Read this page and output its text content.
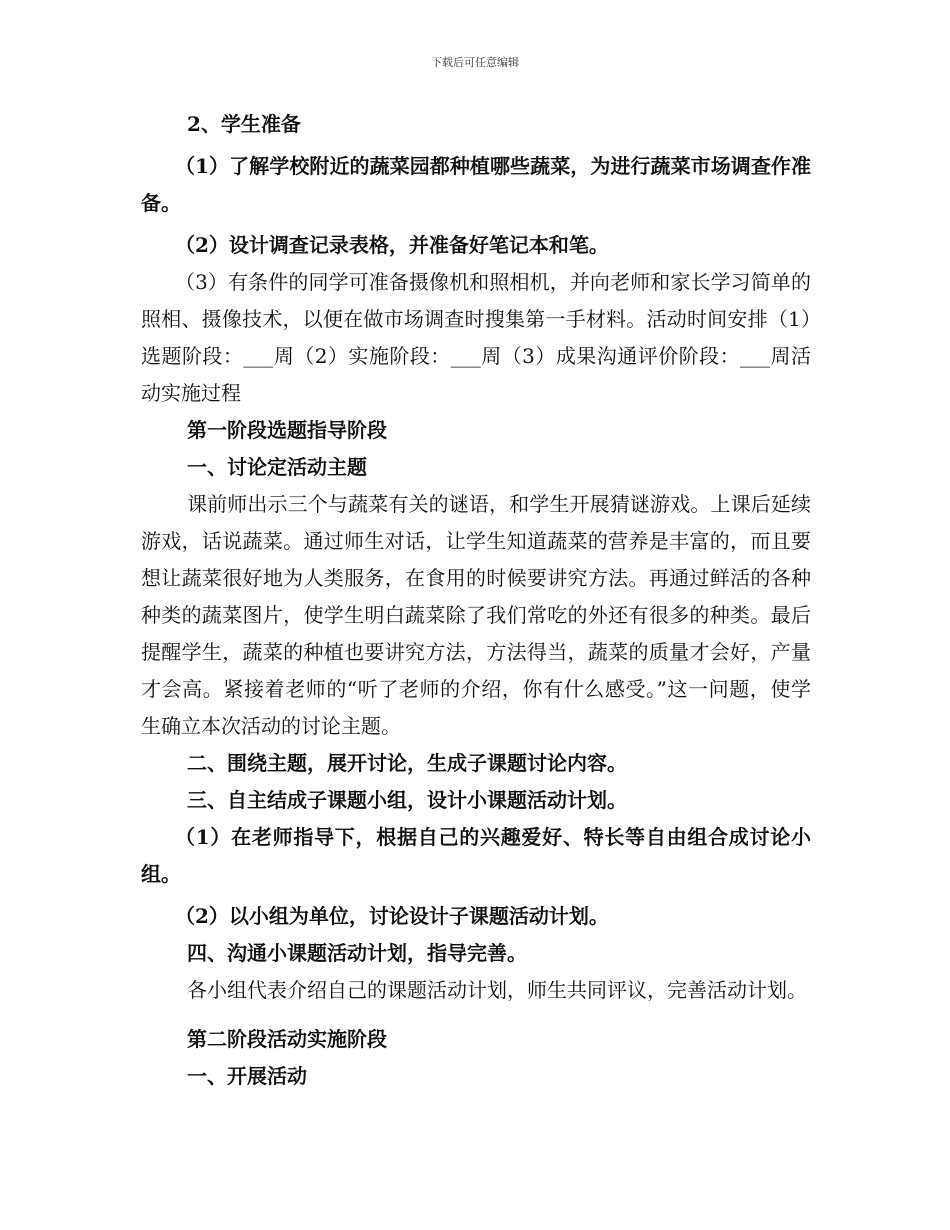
下载后可任意编辑

2、学生准备

（1）了解学校附近的蔬菜园都种植哪些蔬菜，为进行蔬菜市场调查作准备。

（2）设计调查记录表格，并准备好笔记本和笔。

（3）有条件的同学可准备摄像机和照相机，并向老师和家长学习简单的照相、摄像技术，以便在做市场调查时搜集第一手材料。活动时间安排（1）选题阶段：___周（2）实施阶段：___周（3）成果沟通评价阶段：___周活动实施过程

第一阶段选题指导阶段

一、讨论定活动主题

课前师出示三个与蔬菜有关的谜语，和学生开展猜谜游戏。上课后延续游戏，话说蔬菜。通过师生对话，让学生知道蔬菜的营养是丰富的，而且要想让蔬菜很好地为人类服务，在食用的时候要讲究方法。再通过鲜活的各种种类的蔬菜图片，使学生明白蔬菜除了我们常吃的外还有很多的种类。最后提醒学生，蔬菜的种植也要讲究方法，方法得当，蔬菜的质量才会好，产量才会高。紧接着老师的“听了老师的介绍，你有什么感受。”这一问题，使学生确立本次活动的讨论主题。

二、围绕主题，展开讨论，生成子课题讨论内容。

三、自主结成子课题小组，设计小课题活动计划。

（1）在老师指导下，根据自己的兴趣爱好、特长等自由组合成讨论小组。

（2）以小组为单位，讨论设计子课题活动计划。

四、沟通小课题活动计划，指导完善。

各小组代表介绍自己的课题活动计划，师生共同评议，完善活动计划。

第二阶段活动实施阶段

一、开展活动
